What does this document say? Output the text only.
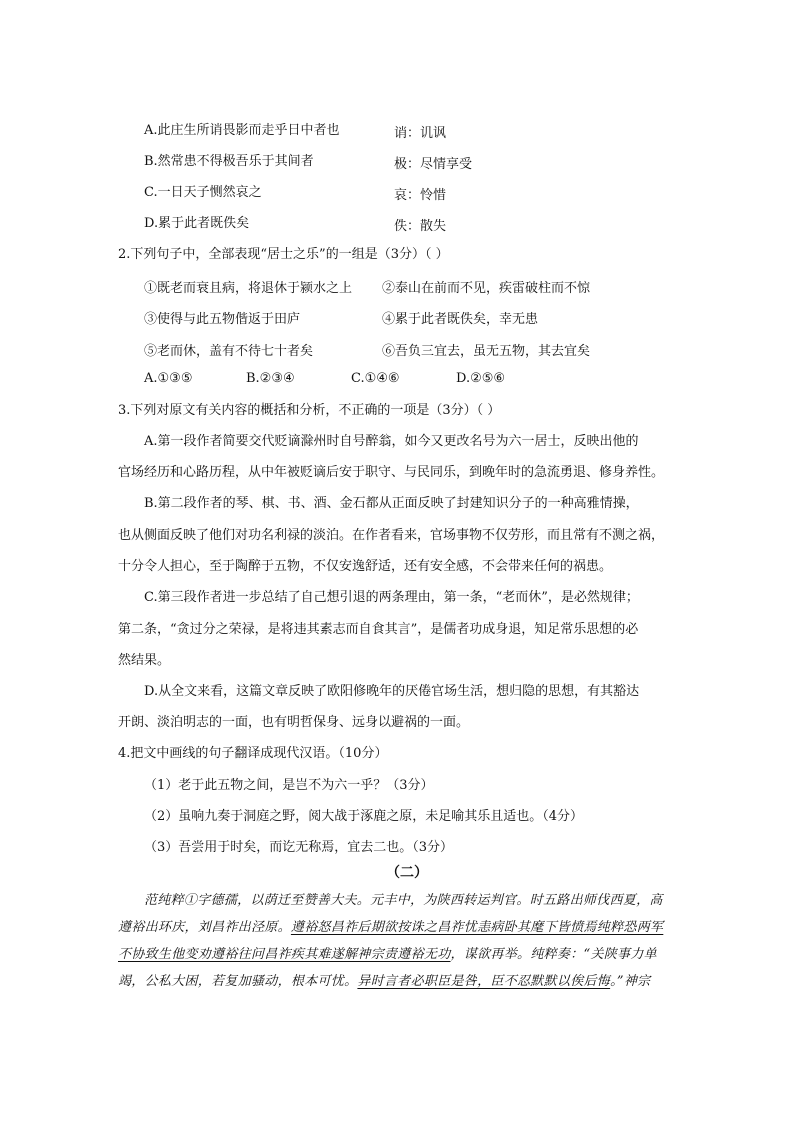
A.此庄生所诮畏影而走乎日中者也	诮：讥讽
B.然常患不得极吾乐于其间者	极：尽情享受
C.一日天子恻然哀之	哀：怜惜
D.累于此者既佚矣	佚：散失
2.下列句子中，全部表现“居士之乐”的一组是（3分）（ ）
①既老而衰且病，将退休于颍水之上 ②泰山在前而不见，疾雷破柱而不惊
③使得与此五物偕返于田庐	④累于此者既佚矣，幸无患
⑤老而休，盖有不待七十者矣	⑥吾负三宜去，虽无五物，其去宜矣
A.①③⑤	B.②③④	C.①④⑥	D.②⑤⑥
3.下列对原文有关内容的概括和分析，不正确的一项是（3分）（ ）
A.第一段作者简要交代贬谪滁州时自号醉翁，如今又更改名号为六一居士，反映出他的
官场经历和心路历程，从中年被贬谪后安于职守、与民同乐，到晚年时的急流勇退、修身养性。
B.第二段作者的琴、棋、书、酒、金石都从正面反映了封建知识分子的一种高雅情操，
也从侧面反映了他们对功名利禄的淡泊。在作者看来，官场事物不仅劳形，而且常有不测之祸，
十分令人担心，至于陶醉于五物，不仅安逸舒适，还有安全感，不会带来任何的祸患。
C.第三段作者进一步总结了自己想引退的两条理由，第一条，“老而休”，是必然规律；
第二条，“贪过分之荣禄，是将违其素志而自食其言”，是儒者功成身退，知足常乐思想的必
然结果。
D.从全文来看，这篇文章反映了欧阳修晚年的厌倦官场生活，想归隐的思想，有其豁达
开朗、淡泊明志的一面，也有明哲保身、远身以避祸的一面。
4.把文中画线的句子翻译成现代汉语。（10分）
（1）老于此五物之间，是岂不为六一乎？（3分）
（2）虽响九奏于洞庭之野，阅大战于涿鹿之原，未足喻其乐且适也。（4分）
（3）吾尝用于时矣，而讫无称焉，宜去二也。（3分）
（二）
范纯粹①字德孺，以荫迁至赞善大夫。元丰中，为陕西转运判官。时五路出师伐西夏，高
遵裕出环庆，刘昌祚出泾原。遵裕怒昌祚后期欲按诛之昌祚忧恚病卧其麾下皆愤焉纯粹恐两军
不协致生他变劝遵裕往问昌祚疾其难遂解神宗责遵裕无功，谋欲再举。纯粹奏：“关陕事力单
竭，公私大困，若复加骚动，根本可忧。异时言者必职臣是咎，臣不忍默默以俟后悔。”神宗
